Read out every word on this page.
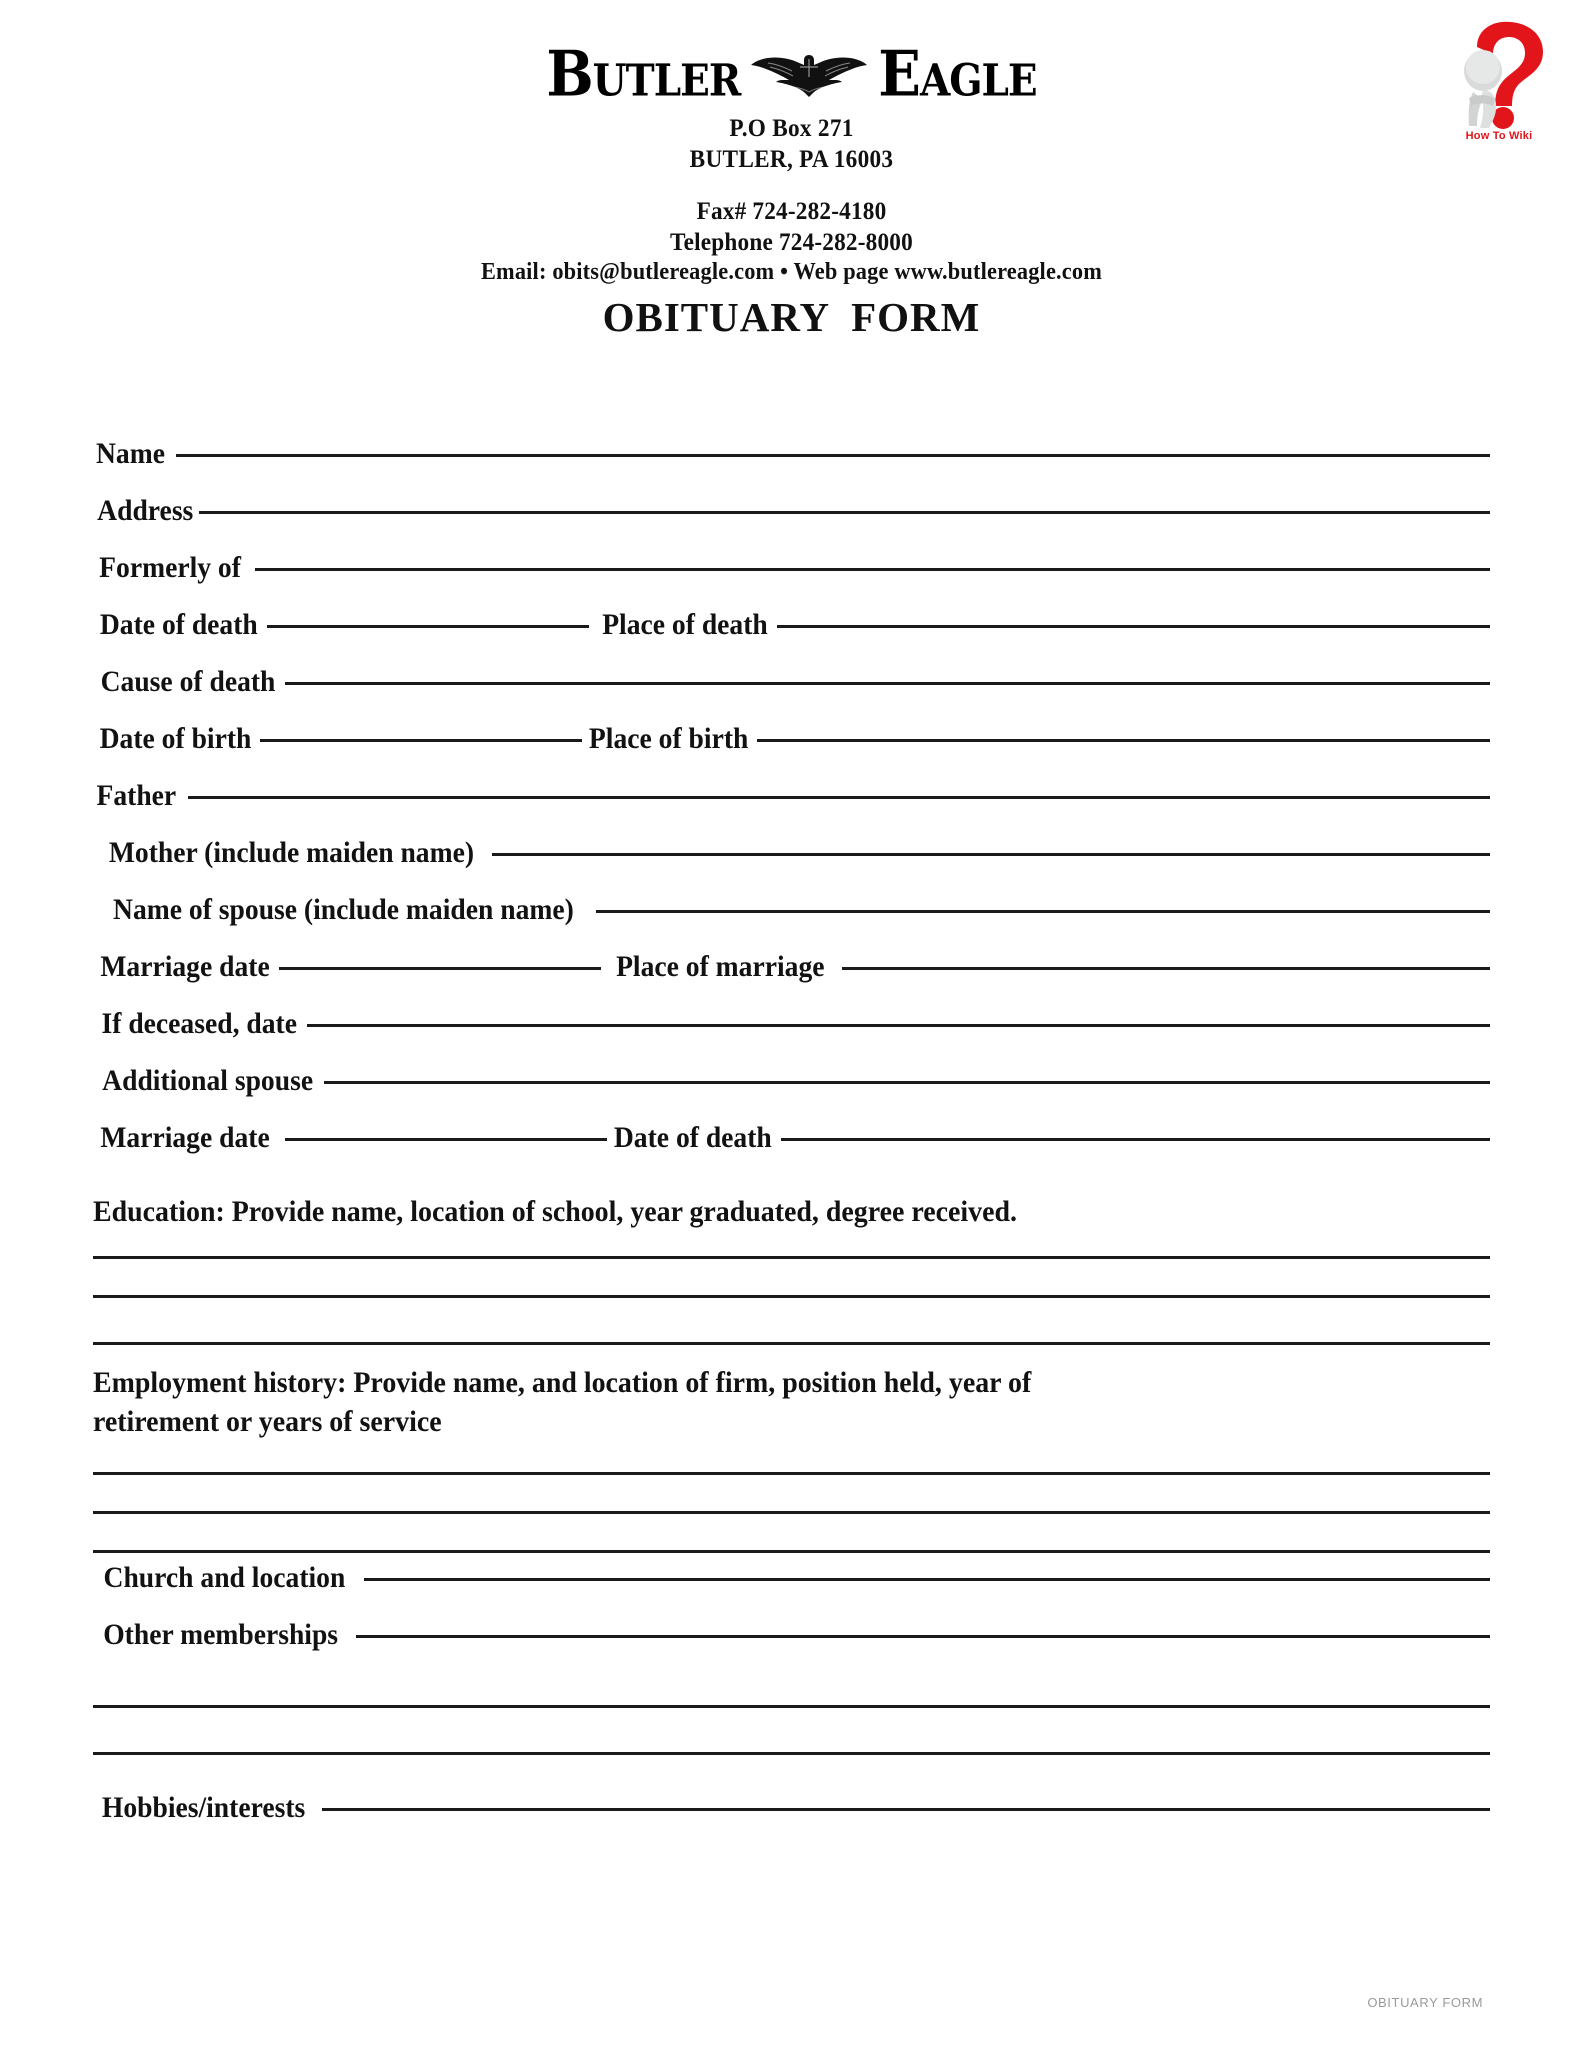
How To Wiki
Butler Eagle
P.O Box 271
BUTLER, PA 16003
Fax# 724-282-4180
Telephone 724-282-8000
Email: obits@butlereagle.com • Web page www.butlereagle.com
OBITUARY  FORM
Name
Address
Formerly of
Date of death	Place of death
Cause of death
Date of birth	Place of birth
Father
Mother (include maiden name)
Name of spouse (include maiden name)
Marriage date	Place of marriage
If deceased, date
Additional spouse
Marriage date	Date of death
Education: Provide name, location of school, year graduated, degree received.
Employment history: Provide name, and location of firm, position held, year of
retirement or years of service
Church and location
Other memberships
Hobbies/interests
OBITUARY FORM
